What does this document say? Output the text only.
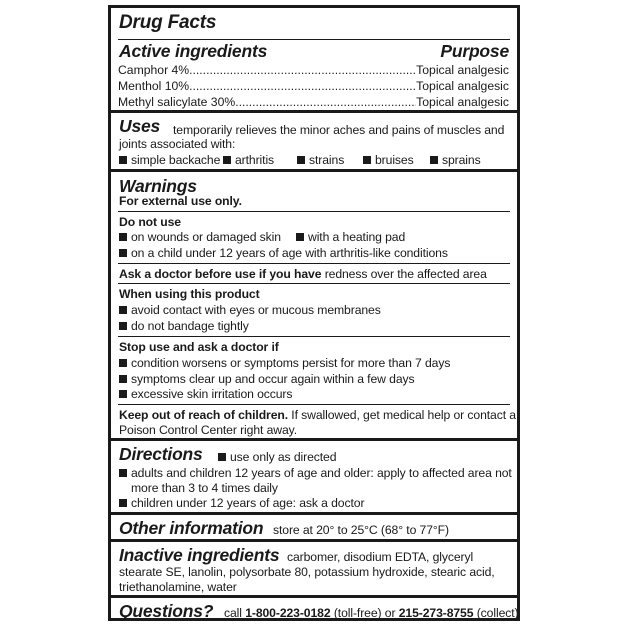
Drug Facts
Active ingredients	Purpose
Camphor 4% .....	Topical analgesic
Menthol 10% .....	Topical analgesic
Methyl salicylate 30% .....	Topical analgesic
Uses temporarily relieves the minor aches and pains of muscles and
joints associated with:
simple backache	arthritis	strains	bruises	sprains
Warnings
For external use only.
Do not use
on wounds or damaged skin	with a heating pad
on a child under 12 years of age with arthritis-like conditions
Ask a doctor before use if you have redness over the affected area
When using this product
avoid contact with eyes or mucous membranes
do not bandage tightly
Stop use and ask a doctor if
condition worsens or symptoms persist for more than 7 days
symptoms clear up and occur again within a few days
excessive skin irritation occurs
Keep out of reach of children. If swallowed, get medical help or contact a
Poison Control Center right away.
Directions	use only as directed
adults and children 12 years of age and older: apply to affected area not
more than 3 to 4 times daily
children under 12 years of age: ask a doctor
Other information store at 20° to 25°C (68° to 77°F)
Inactive ingredients carbomer, disodium EDTA, glyceryl
stearate SE, lanolin, polysorbate 80, potassium hydroxide, stearic acid,
triethanolamine, water
Questions? call 1-800-223-0182 (toll-free) or 215-273-8755 (collect)
